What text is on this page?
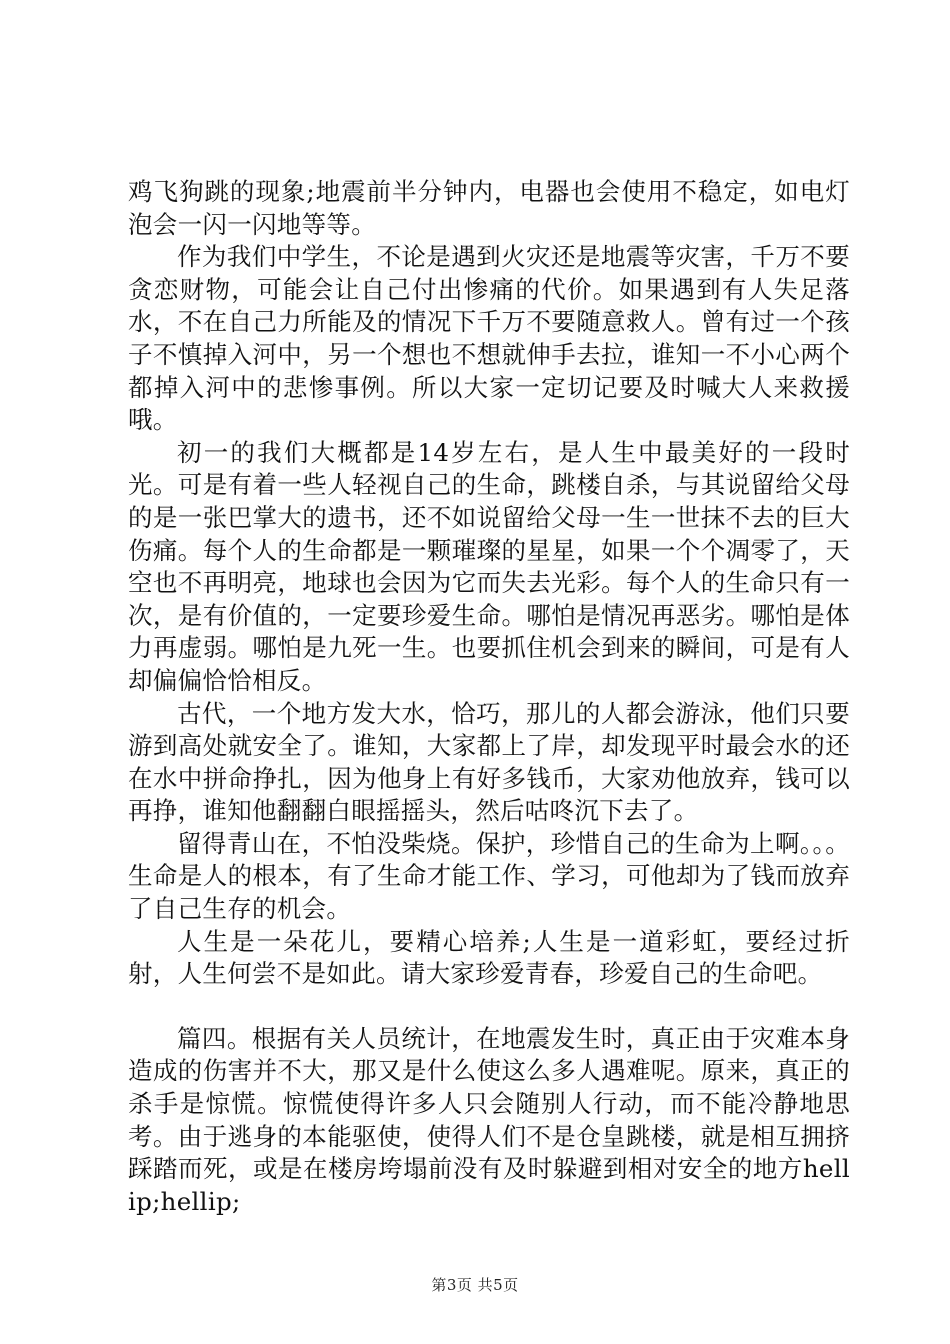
鸡飞狗跳的现象;地震前半分钟内，电器也会使用不稳定，如电灯泡会一闪一闪地等等。

作为我们中学生，不论是遇到火灾还是地震等灾害，千万不要贪恋财物，可能会让自己付出惨痛的代价。如果遇到有人失足落水，不在自己力所能及的情况下千万不要随意救人。曾有过一个孩子不慎掉入河中，另一个想也不想就伸手去拉，谁知一不小心两个都掉入河中的悲惨事例。所以大家一定切记要及时喊大人来救援哦。

初一的我们大概都是14岁左右，是人生中最美好的一段时光。可是有着一些人轻视自己的生命，跳楼自杀，与其说留给父母的是一张巴掌大的遗书，还不如说留给父母一生一世抹不去的巨大伤痛。每个人的生命都是一颗璀璨的星星，如果一个个凋零了，天空也不再明亮，地球也会因为它而失去光彩。每个人的生命只有一次，是有价值的，一定要珍爱生命。哪怕是情况再恶劣。哪怕是体力再虚弱。哪怕是九死一生。也要抓住机会到来的瞬间，可是有人却偏偏恰恰相反。

古代，一个地方发大水，恰巧，那儿的人都会游泳，他们只要游到高处就安全了。谁知，大家都上了岸，却发现平时最会水的还在水中拼命挣扎，因为他身上有好多钱币，大家劝他放弃，钱可以再挣，谁知他翻翻白眼摇摇头，然后咕咚沉下去了。

留得青山在，不怕没柴烧。保护，珍惜自己的生命为上啊。。。生命是人的根本，有了生命才能工作、学习，可他却为了钱而放弃了自己生存的机会。

人生是一朵花儿，要精心培养;人生是一道彩虹，要经过折射，人生何尝不是如此。请大家珍爱青春，珍爱自己的生命吧。

篇四。根据有关人员统计，在地震发生时，真正由于灾难本身造成的伤害并不大，那又是什么使这么多人遇难呢。原来，真正的杀手是惊慌。惊慌使得许多人只会随别人行动，而不能冷静地思考。由于逃身的本能驱使，使得人们不是仓皇跳楼，就是相互拥挤踩踏而死，或是在楼房垮塌前没有及时躲避到相对安全的地方hellip;hellip;

第3页 共5页
